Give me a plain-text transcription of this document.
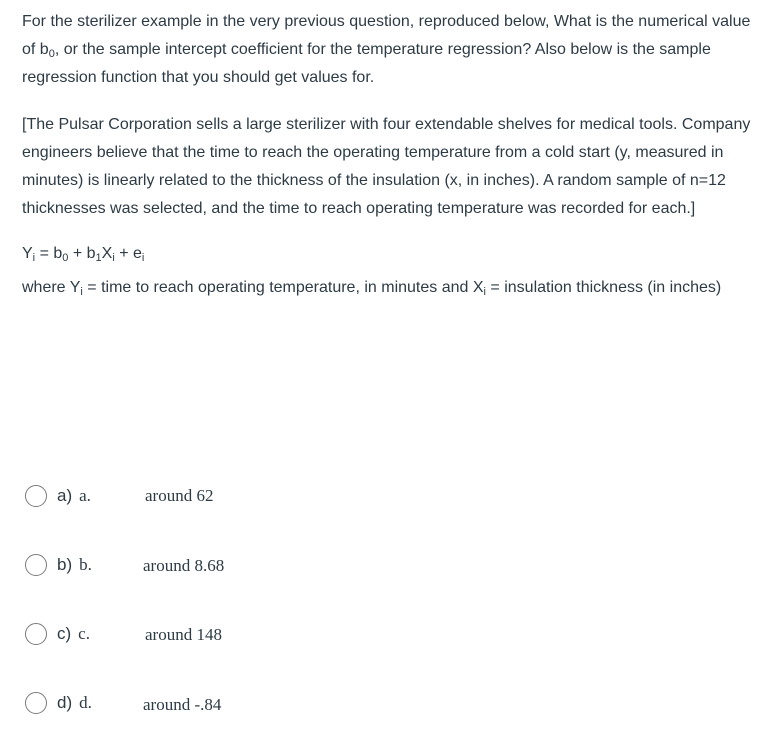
For the sterilizer example in the very previous question, reproduced below, What is the numerical value of $b_0$, or the sample intercept coefficient for the temperature regression? Also below is the sample regression function that you should get values for.

[The Pulsar Corporation sells a large sterilizer with four extendable shelves for medical tools. Company engineers believe that the time to reach the operating temperature from a cold start (y, measured in minutes) is linearly related to the thickness of the insulation (x, in inches). A random sample of n=12 thicknesses was selected, and the time to reach operating temperature was recorded for each.]

$Y_i = b_0 + b_1X_i + e_i$

where $Y_i$ = time to reach operating temperature, in minutes and $X_i$ = insulation thickness (in inches)

a) a.	around 62
b) b.	around 8.68
c) c.	around 148
d) d.	around -.84
